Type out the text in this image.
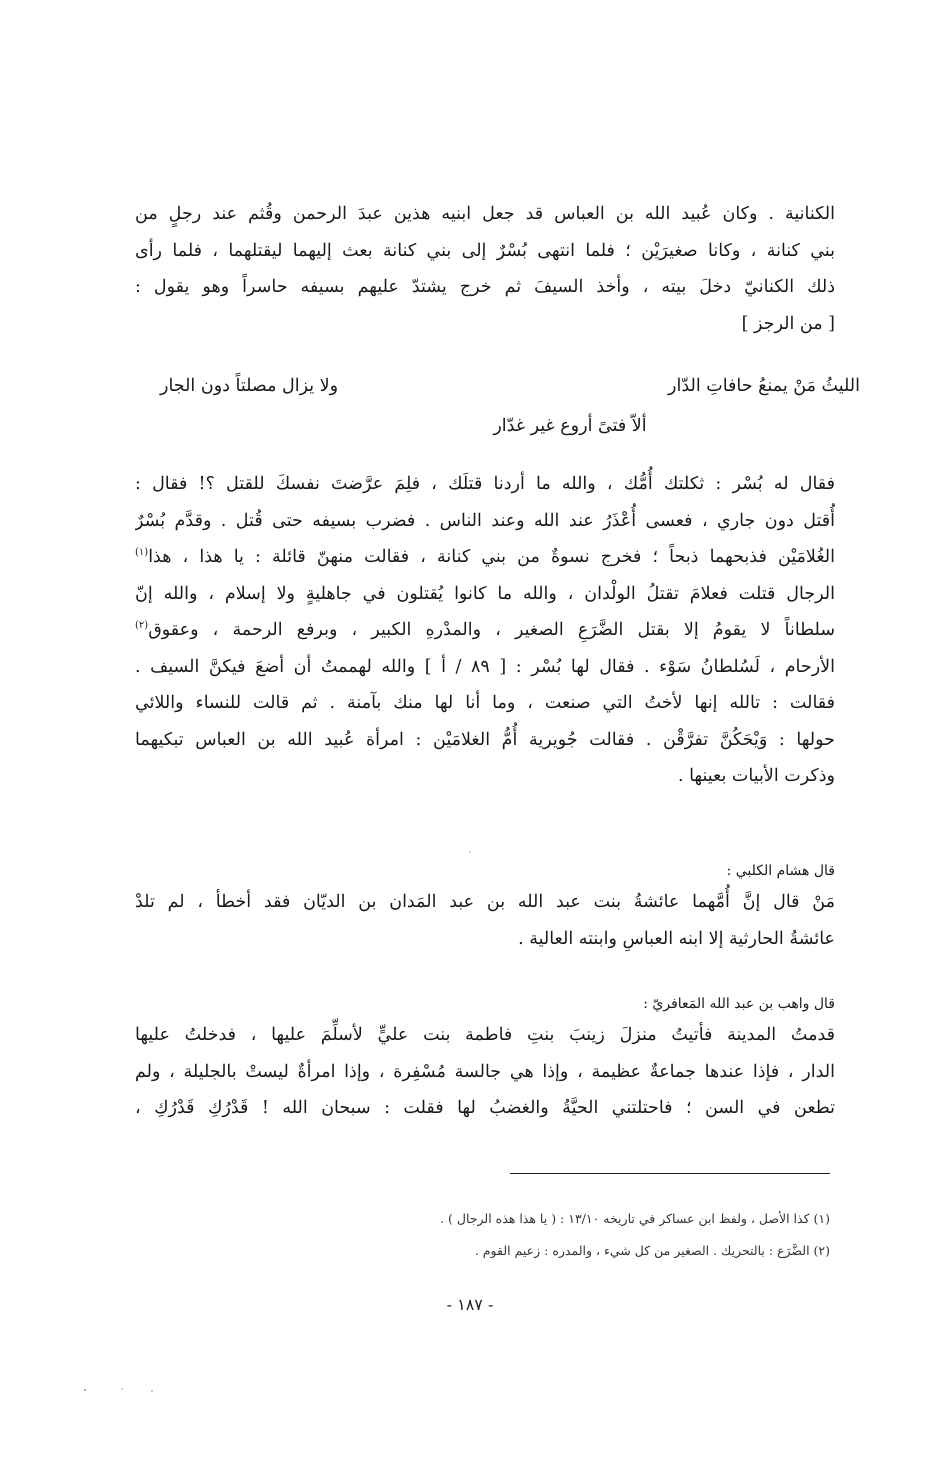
الكنانية . وكان عُبيد الله بن العباس قد جعل ابنيه هذين عبدَ الرحمن وقُثم عند رجلٍ من
بني كنانة ، وكانا صغيرَيْن ؛ فلما انتهى بُسْرٌ إلى بني كنانة بعث إليهما ليقتلهما ، فلما رأى
ذلك الكنانيّ دخلَ بيته ، وأخذ السيفَ ثم خرج يشتدّ عليهم بسيفه حاسراً وهو يقول :
[ من الرجز ]
الليثُ مَنْ يمنعُ حافاتِ الدّار
ولا يزال مصلتاً دون الجار
ألاّ فتىً أروع غير غدّار
فقال له بُسْر : ثكلتك أُمُّك ، والله ما أردنا قتلَك ، فلِمَ عرَّضتَ نفسكَ للقتل ؟! فقال :
أُقتل دون جاري ، فعسى أُعْذَرُ عند الله وعند الناس . فضرب بسيفه حتى قُتل . وقدَّم بُسْرٌ
الغُلامَيْن فذبحهما ذبحاً ؛ فخرج نسوةٌ من بني كنانة ، فقالت منهنّ قائلة : يا هذا ، هذا$^{(١)}$
الرجال قتلت فعلامَ تقتلُ الولْدان ، والله ما كانوا يُقتلون في جاهليةٍ ولا إسلام ، والله إنّ
سلطاناً لا يقومُ إلا بقتل الضَّرَعِ الصغير ، والمدْرهِ الكبير ، وبرفع الرحمة ، وعقوق$^{(٢)}$
الأرحام ، لَسُلطانُ سَوْء . فقال لها بُسْر : [ ٨٩ / أ ] والله لهممتُ أن أضعَ فيكنَّ السيف .
فقالت : تالله إنها لأختُ التي صنعت ، وما أنا لها منك بآمنة . ثم قالت للنساء واللائي
حولها : وَيْحَكُنَّ تفرَّقْن . فقالت جُويرية أُمُّ الغلامَيْن : امرأة عُبيد الله بن العباس تبكيهما
وذكرت الأبيات بعينها .
قال هشام الكلبي :
مَنْ قال إنَّ أُمَّهما عائشةُ بنت عبد الله بن عبد المَدان بن الديّان فقد أخطأ ، لم تلدْ
عائشةُ الحارثية إلا ابنه العباسِ وابنته العالية .
قال واهب بن عبد الله المَعافريّ :
قدمتُ المدينة فأتيتُ منزلَ زينبَ بنتِ فاطمة بنت عليٍّ لأسلِّمَ عليها ، فدخلتُ عليها
الدار ، فإذا عندها جماعةٌ عظيمة ، وإذا هي جالسة مُسْفِرة ، وإذا امرأةٌ ليستْ بالجليلة ، ولم
تطعن في السن ؛ فاحتلتني الحيَّةُ والغضبُ لها فقلت : سبحان الله ! قَدْرُكِ قَدْرُكِ ،
(١) كذا الأصل ، ولفظ ابن عساكر في تاريخه ١٣/١٠ : ( يا هذا هذه الرجال ) .
(٢) الضَّرَع : بالتحريك . الصغير من كل شيء ، والمدره : زعيم القوم .
- ١٨٧ -
